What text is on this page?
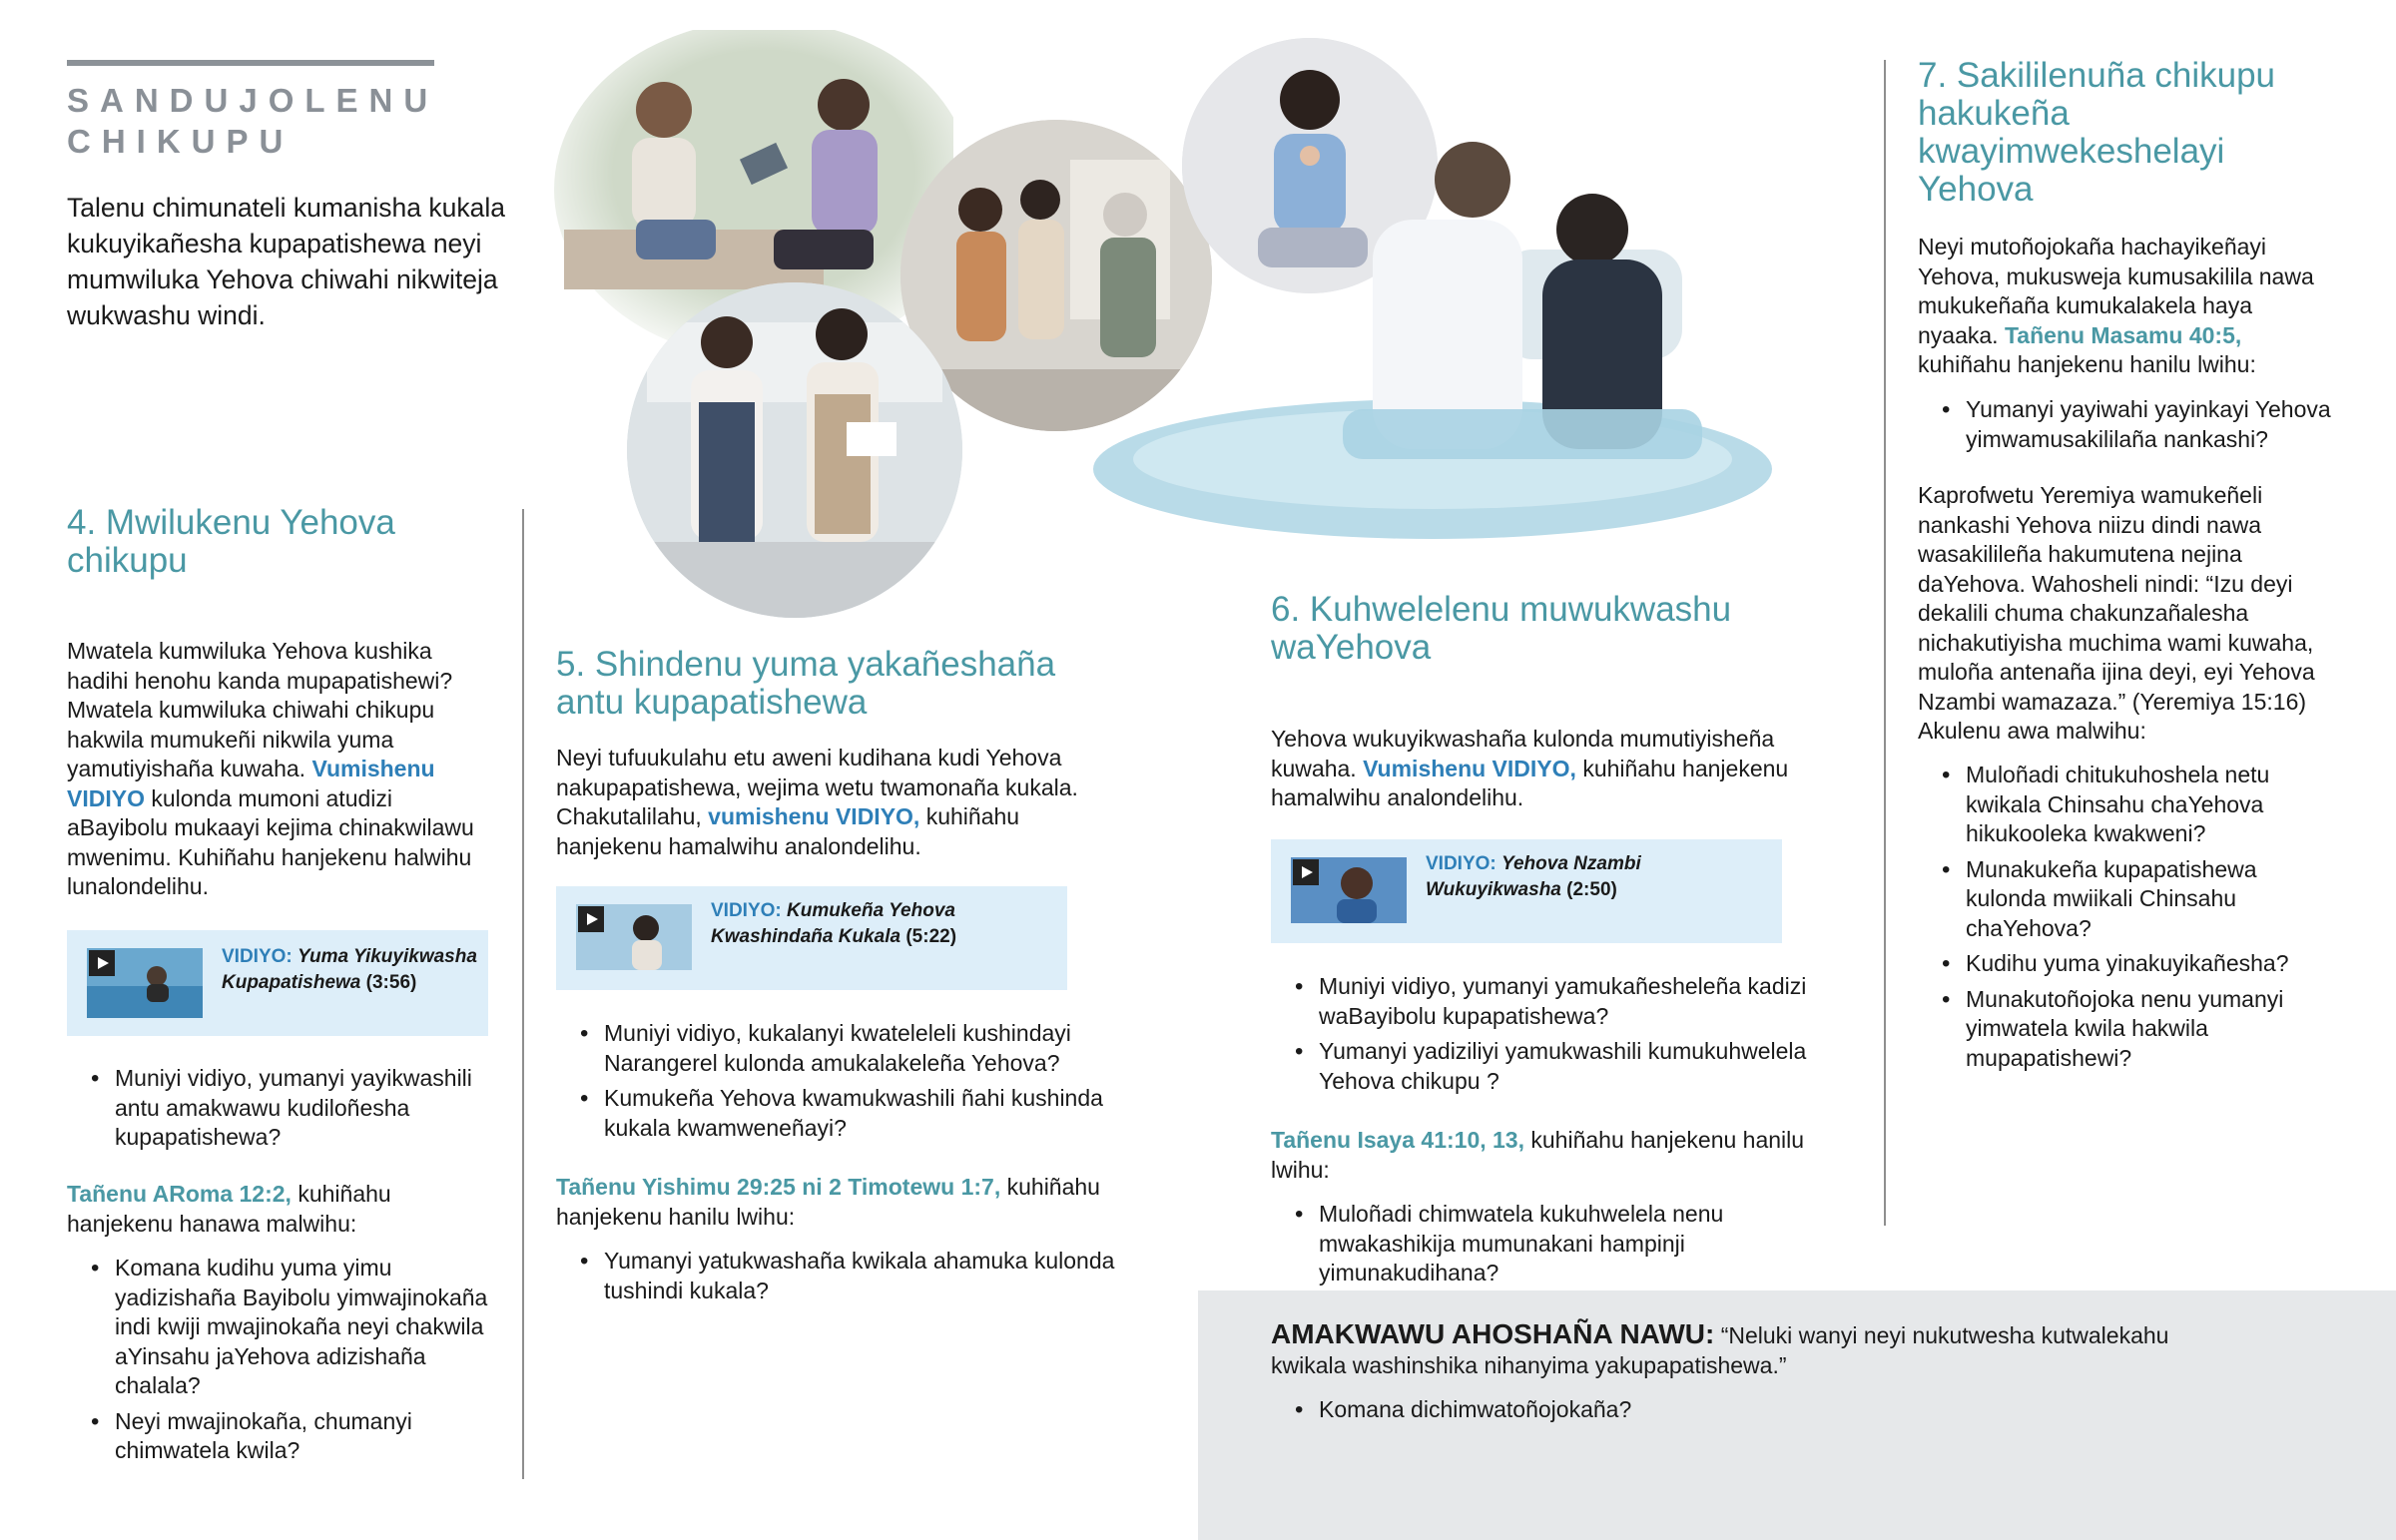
SANDUJOLENU
CHIKUPU
Talenu chimunateli kumanisha kukala kukuyikañesha kupapatishewa neyi mumwiluka Yehova chiwahi nikwiteja wukwashu windi.
4. Mwilukenu Yehova chikupu
Mwatela kumwiluka Yehova kushika hadihi henohu kanda mupapatishewi? Mwatela kumwiluka chiwahi chikupu hakwila mumukeñi nikwila yuma yamutiyishaña kuwaha. Vumishenu VIDIYO kulonda mumoni atudizi aBayibolu mukaayi kejima chinakwilawu mwenimu. Kuhiñahu hanjekenu halwihu lunalondelihu.
VIDIYO: Yuma Yikuyikwasha Kupapatishewa (3:56)
• Muniyi vidiyo, yumanyi yayikwashili antu amakwawu kudiloñesha kupapatishewa?
Tañenu ARoma 12:2, kuhiñahu hanjekenu hanawa malwihu:
• Komana kudihu yuma yimu yadizishaña Bayibolu yimwajinokaña indi kwiji mwajinokaña neyi chakwila aYinsahu jaYehova adizishaña chalala?
• Neyi mwajinokaña, chumanyi chimwatela kwila?
5. Shindenu yuma yakañeshaña antu kupapatishewa
Neyi tufuukulahu etu aweni kudihana kudi Yehova nakupapatishewa, wejima wetu twamonaña kukala. Chakutalilahu, vumishenu VIDIYO, kuhiñahu hanjekenu hamalwihu analondelihu.
VIDIYO: Kumukeña Yehova Kwashindaña Kukala (5:22)
• Muniyi vidiyo, kukalanyi kwateleleli kushindayi Narangerel kulonda amukalakeleña Yehova?
• Kumukeña Yehova kwamukwashili ñahi kushinda kukala kwamweneñayi?
Tañenu Yishimu 29:25 ni 2 Timotewu 1:7, kuhiñahu hanjekenu hanilu lwihu:
• Yumanyi yatukwashaña kwikala ahamuka kulonda tushindi kukala?
6. Kuhwelelenu muwukwashu waYehova
Yehova wukuyikwashaña kulonda mumutiyisheña kuwaha. Vumishenu VIDIYO, kuhiñahu hanjekenu hamalwihu analondelihu.
VIDIYO: Yehova Nzambi Wukuyikwasha (2:50)
• Muniyi vidiyo, yumanyi yamukañesheleña kadizi waBayibolu kupapatishewa?
• Yumanyi yadiziliyi yamukwashili kumukuhwelela Yehova chikupu ?
Tañenu Isaya 41:10, 13, kuhiñahu hanjekenu hanilu lwihu:
• Muloñadi chimwatela kukuhwelela nenu mwakashikija mumunakani hampinji yimunakudihana?
7. Sakililenuña chikupu hakukeña kwayimwekeshelayi Yehova
Neyi mutoñojokaña hachayikeñayi Yehova, mukusweja kumusakilila nawa mukukeñaña kumukalakela haya nyaaka. Tañenu Masamu 40:5, kuhiñahu hanjekenu hanilu lwihu:
• Yumanyi yayiwahi yayinkayi Yehova yimwamusakililaña nankashi?
Kaprofwetu Yeremiya wamukeñeli nankashi Yehova niizu dindi nawa wasakilileña hakumutena nejina daYehova. Wahosheli nindi: “Izu deyi dekalili chuma chakunzañalesha nichakutiyisha muchima wami kuwaha, muloña antenaña ijina deyi, eyi Yehova Nzambi wamazaza.” (Yeremiya 15:16) Akulenu awa malwihu:
• Muloñadi chitukuhoshela netu kwikala Chinsahu chaYehova hikukooleka kwakweni?
• Munakukeña kupapatishewa kulonda mwiikali Chinsahu chaYehova?
• Kudihu yuma yinakuyikañesha?
• Munakutoñojoka nenu yumanyi yimwatela kwila hakwila mupapatishewi?
AMAKWAWU AHOSHAÑA NAWU: “Neluki wanyi neyi nukutwesha kutwalekahu kwikala washinshika nihanyima yakupapatishewa.”
• Komana dichimwatoñojokaña?
